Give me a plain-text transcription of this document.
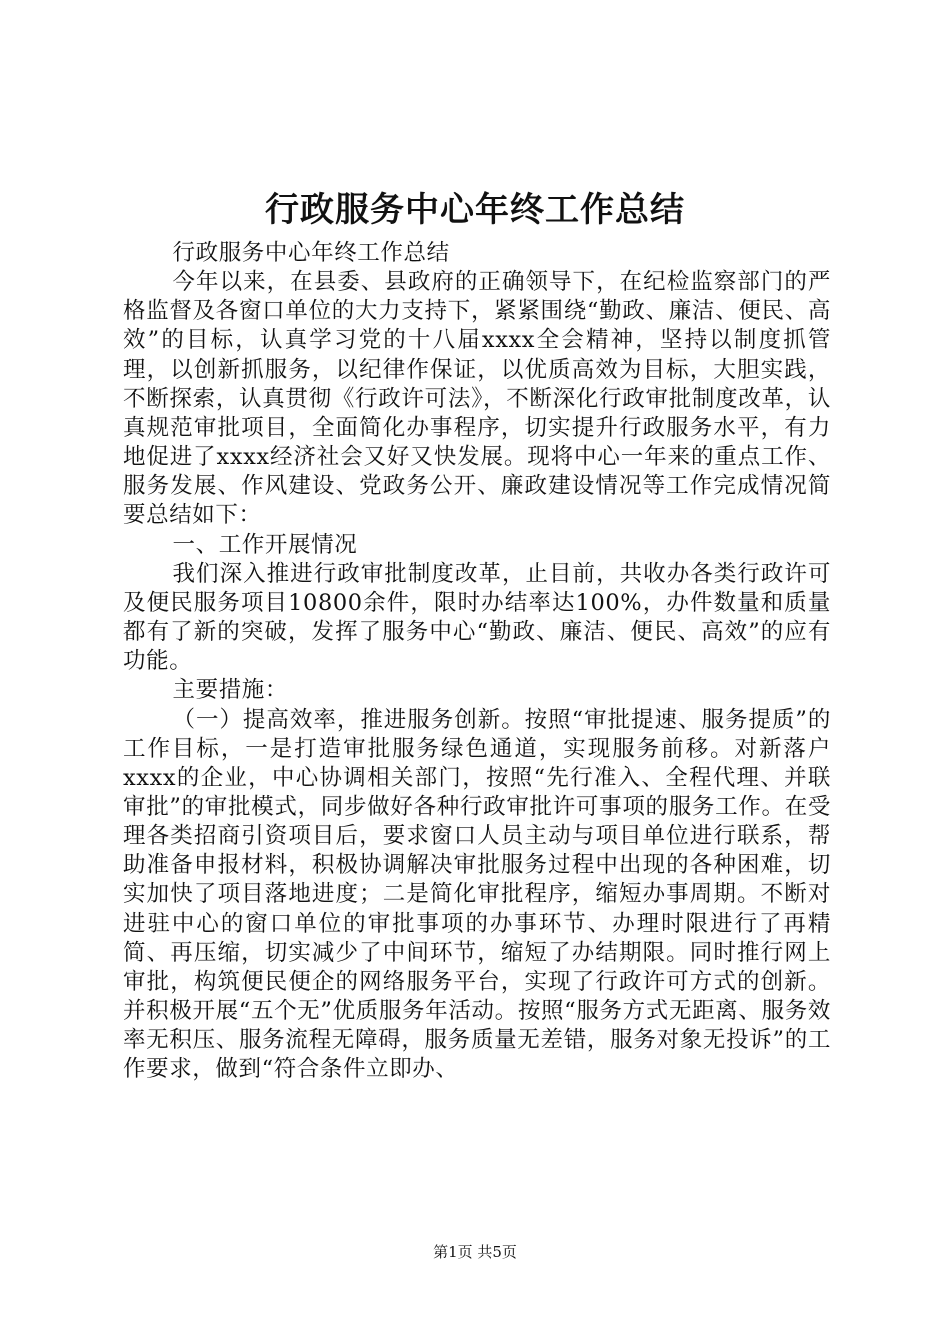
行政服务中心年终工作总结

行政服务中心年终工作总结

今年以来，在县委、县政府的正确领导下，在纪检监察部门的严格监督及各窗口单位的大力支持下，紧紧围绕“勤政、廉洁、便民、高效”的目标，认真学习党的十八届xxxx全会精神，坚持以制度抓管理，以创新抓服务，以纪律作保证，以优质高效为目标，大胆实践，不断探索，认真贯彻《行政许可法》，不断深化行政审批制度改革，认真规范审批项目，全面简化办事程序，切实提升行政服务水平，有力地促进了xxxx经济社会又好又快发展。现将中心一年来的重点工作、服务发展、作风建设、党政务公开、廉政建设情况等工作完成情况简要总结如下：

一、工作开展情况

我们深入推进行政审批制度改革，止目前，共收办各类行政许可及便民服务项目10800余件，限时办结率达100%，办件数量和质量都有了新的突破，发挥了服务中心“勤政、廉洁、便民、高效”的应有功能。

主要措施：

（一）提高效率，推进服务创新。按照“审批提速、服务提质”的工作目标，一是打造审批服务绿色通道，实现服务前移。对新落户xxxx的企业，中心协调相关部门，按照“先行准入、全程代理、并联审批”的审批模式，同步做好各种行政审批许可事项的服务工作。在受理各类招商引资项目后，要求窗口人员主动与项目单位进行联系，帮助准备申报材料，积极协调解决审批服务过程中出现的各种困难，切实加快了项目落地进度；二是简化审批程序，缩短办事周期。不断对进驻中心的窗口单位的审批事项的办事环节、办理时限进行了再精简、再压缩，切实减少了中间环节，缩短了办结期限。同时推行网上审批，构筑便民便企的网络服务平台，实现了行政许可方式的创新。并积极开展“五个无”优质服务年活动。按照“服务方式无距离、服务效率无积压、服务流程无障碍，服务质量无差错，服务对象无投诉”的工作要求，做到“符合条件立即办、

第1页 共5页
